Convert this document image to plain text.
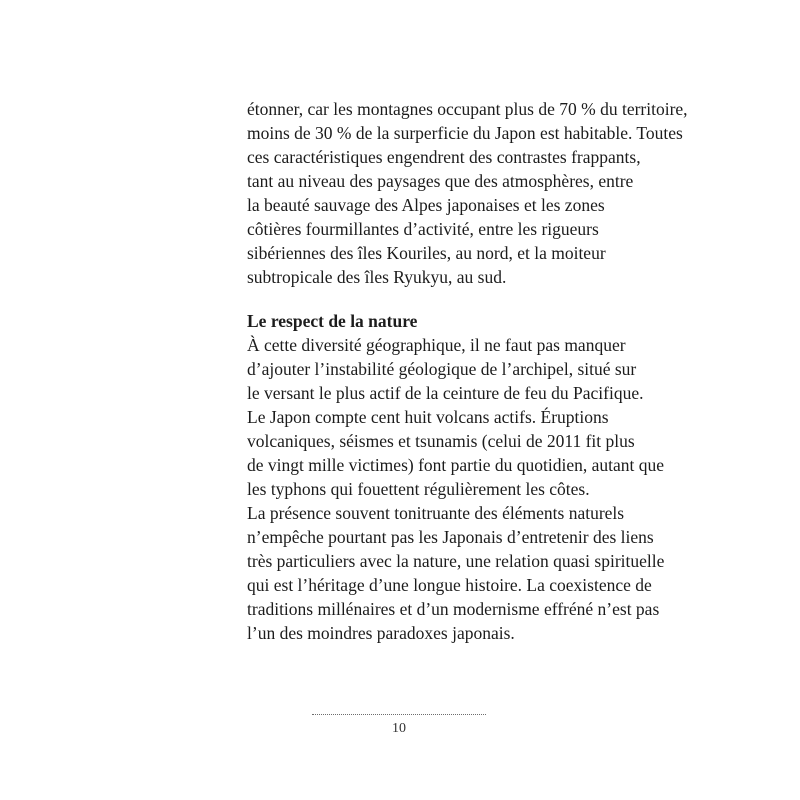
étonner, car les montagnes occupant plus de 70 % du territoire,
moins de 30 % de la surperficie du Japon est habitable. Toutes
ces caractéristiques engendrent des contrastes frappants,
tant au niveau des paysages que des atmosphères, entre
la beauté sauvage des Alpes japonaises et les zones
côtières fourmillantes d’activité, entre les rigueurs
sibériennes des îles Kouriles, au nord, et la moiteur
subtropicale des îles Ryukyu, au sud.
Le respect de la nature
À cette diversité géographique, il ne faut pas manquer
d’ajouter l’instabilité géologique de l’archipel, situé sur
le versant le plus actif de la ceinture de feu du Pacifique.
Le Japon compte cent huit volcans actifs. Éruptions
volcaniques, séismes et tsunamis (celui de 2011 fit plus
de vingt mille victimes) font partie du quotidien, autant que
les typhons qui fouettent régulièrement les côtes.
La présence souvent tonitruante des éléments naturels
n’empêche pourtant pas les Japonais d’entretenir des liens
très particuliers avec la nature, une relation quasi spirituelle
qui est l’héritage d’une longue histoire. La coexistence de
traditions millénaires et d’un modernisme effréné n’est pas
l’un des moindres paradoxes japonais.
10
